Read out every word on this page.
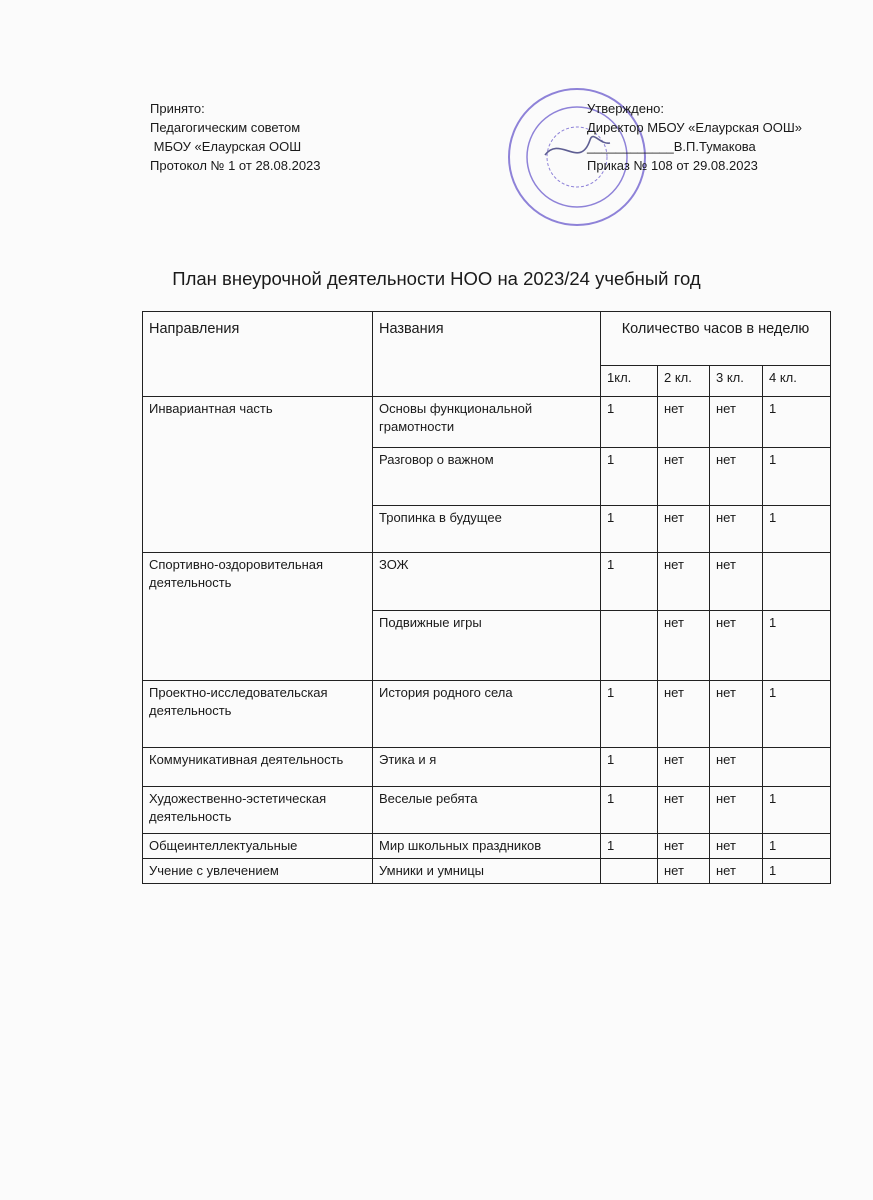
Принято:
Педагогическим советом
МБОУ «Елаурская ООШ
Протокол № 1 от 28.08.2023
Утверждено:
Директор МБОУ «Елаурская ООШ»
____________В.П.Тумакова
Приказ № 108 от 29.08.2023
План внеурочной деятельности НОО на 2023/24 учебный год
Направления	Названия	Количество часов в неделю			
		1кл.	2 кл.	3 кл.	4 кл.
Инвариантная часть	Основы функциональной грамотности	1	нет	нет	1
	Разговор о важном	1	нет	нет	1
	Тропинка в будущее	1	нет	нет	1
Спортивно-оздоровительная деятельность	ЗОЖ	1	нет	нет	
	Подвижные игры		нет	нет	1
Проектно-исследовательская деятельность	История родного села	1	нет	нет	1
Коммуникативная деятельность	Этика и я	1	нет	нет	
Художественно-эстетическая деятельность	Веселые ребята	1	нет	нет	1
Общеинтеллектуальные	Мир школьных праздников	1	нет	нет	1
Учение с увлечением	Умники и умницы		нет	нет	1
